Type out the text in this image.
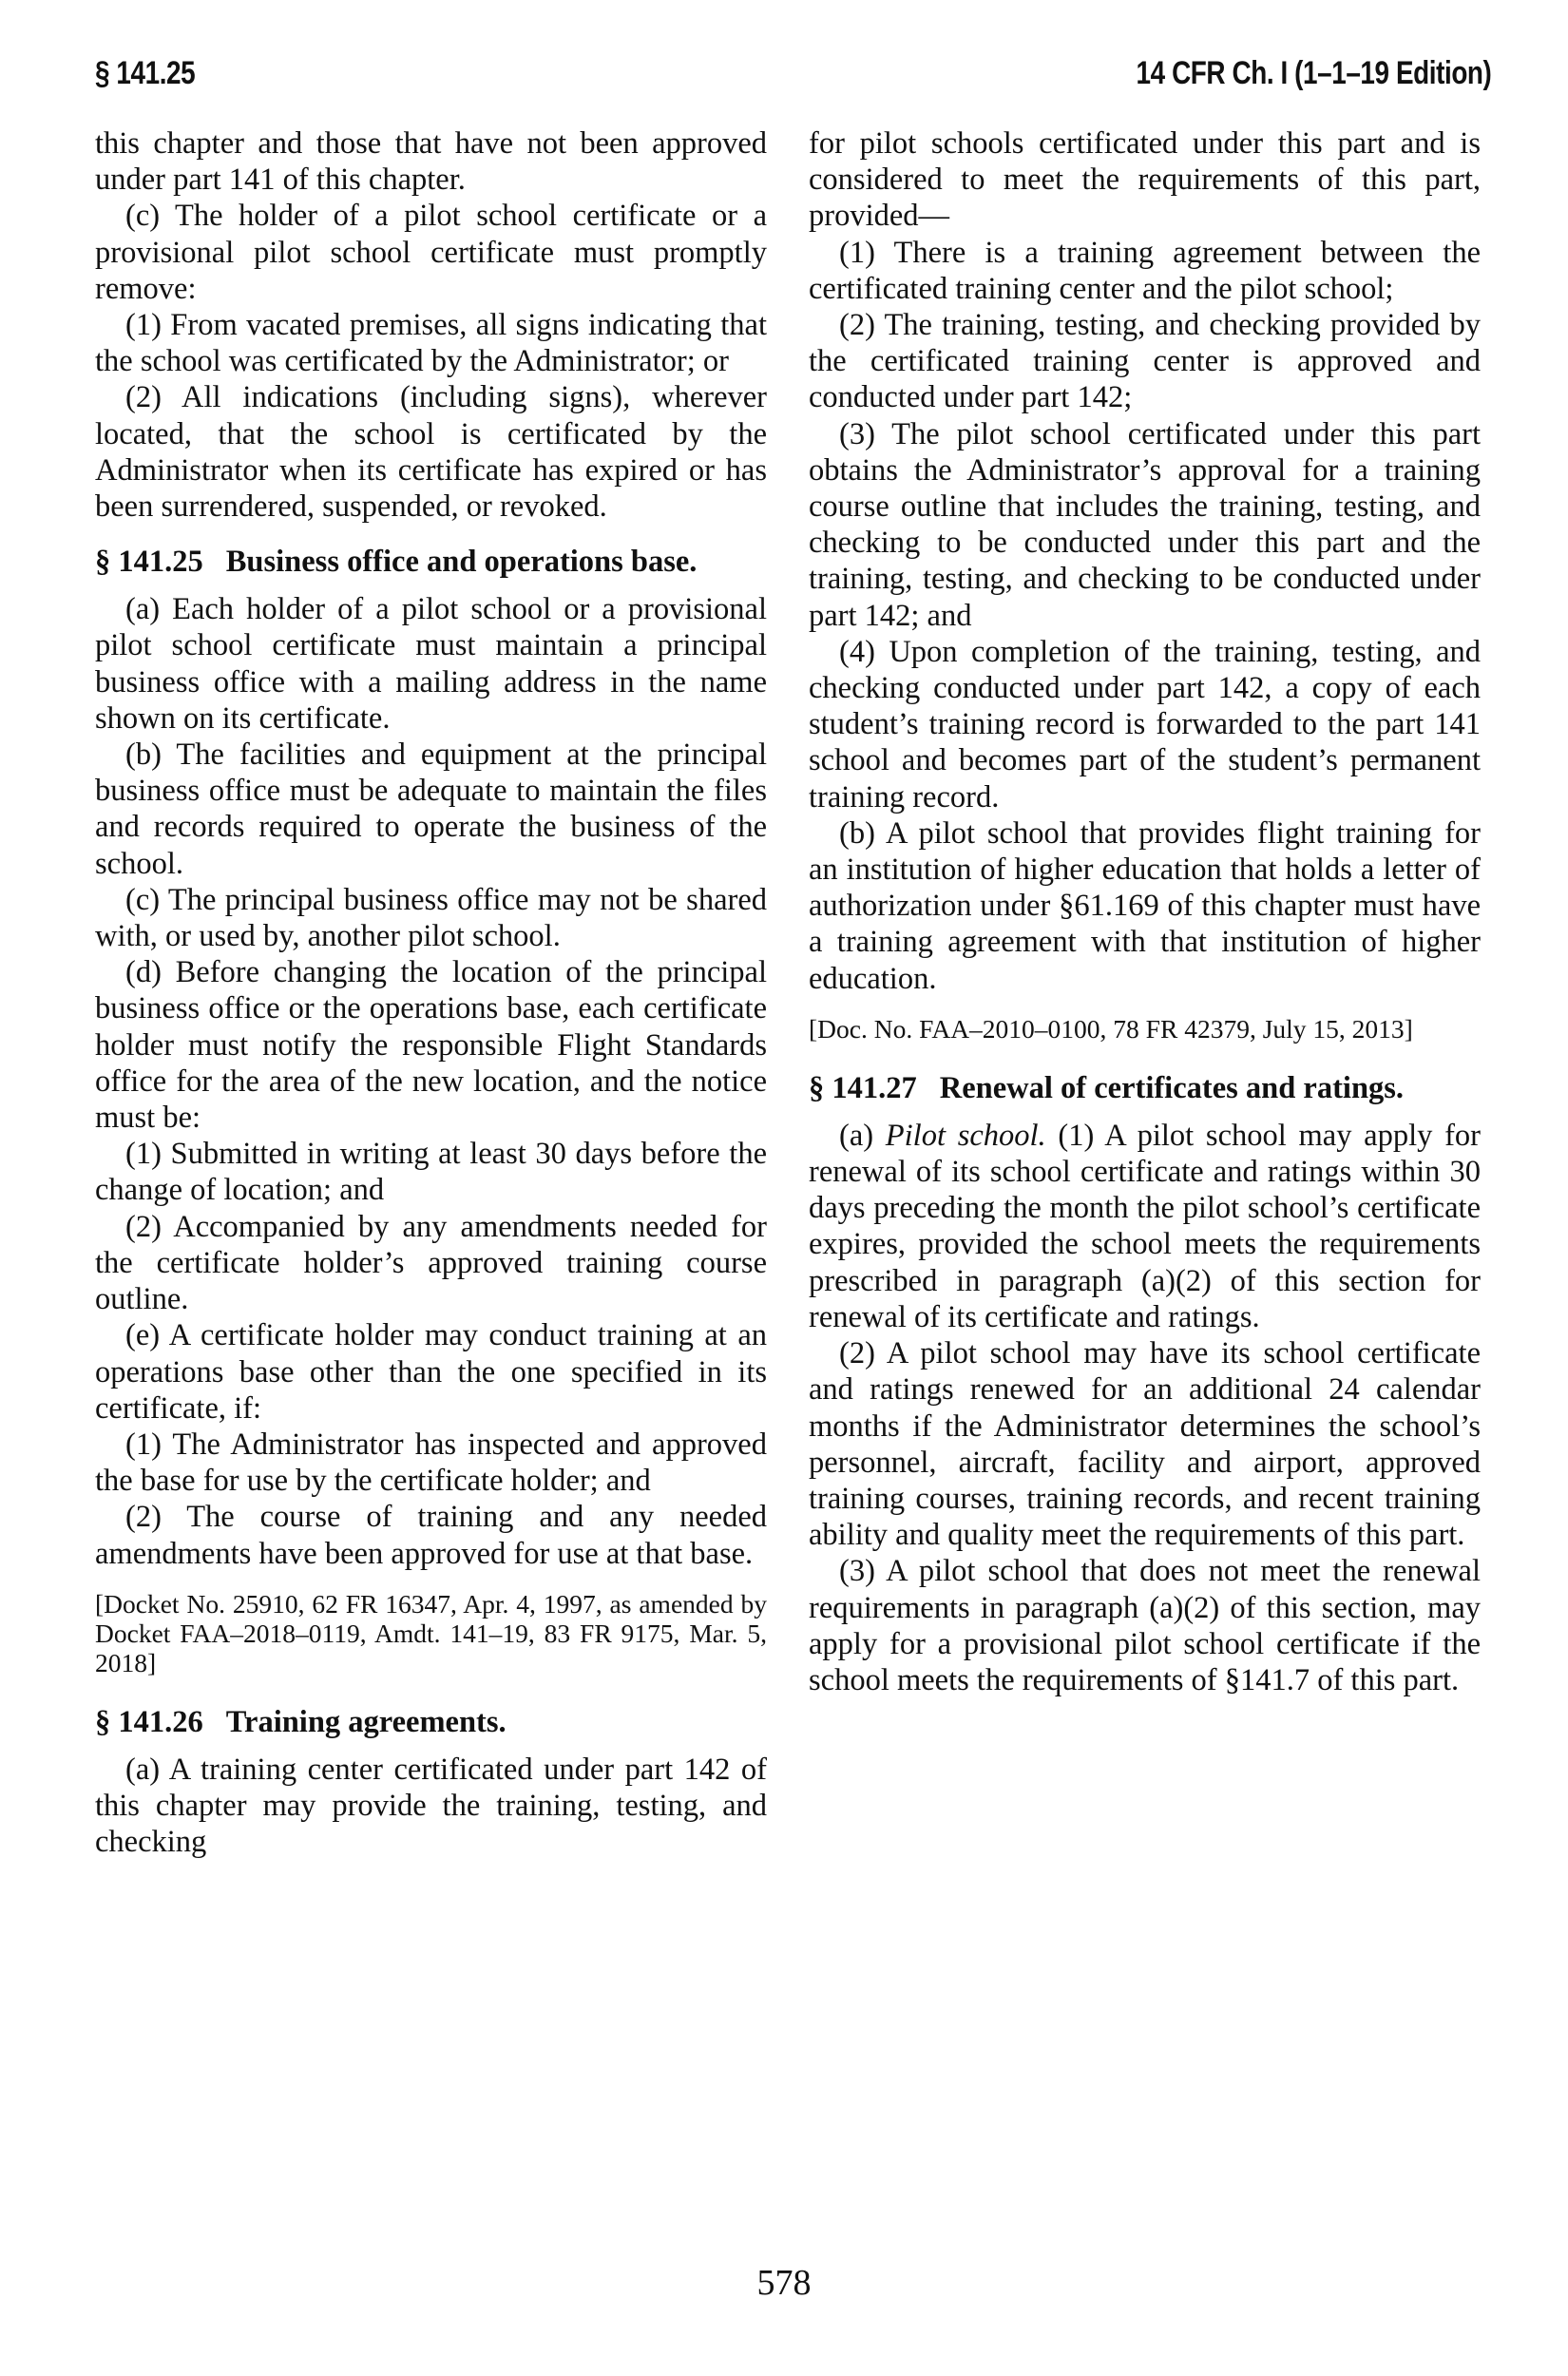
§ 141.25	14 CFR Ch. I (1–1–19 Edition)

this chapter and those that have not been approved under part 141 of this chapter.

(c) The holder of a pilot school certificate or a provisional pilot school certificate must promptly remove:

(1) From vacated premises, all signs indicating that the school was certificated by the Administrator; or

(2) All indications (including signs), wherever located, that the school is certificated by the Administrator when its certificate has expired or has been surrendered, suspended, or revoked.

§ 141.25 Business office and operations base.

(a) Each holder of a pilot school or a provisional pilot school certificate must maintain a principal business office with a mailing address in the name shown on its certificate.

(b) The facilities and equipment at the principal business office must be adequate to maintain the files and records required to operate the business of the school.

(c) The principal business office may not be shared with, or used by, another pilot school.

(d) Before changing the location of the principal business office or the operations base, each certificate holder must notify the responsible Flight Standards office for the area of the new location, and the notice must be:

(1) Submitted in writing at least 30 days before the change of location; and

(2) Accompanied by any amendments needed for the certificate holder’s approved training course outline.

(e) A certificate holder may conduct training at an operations base other than the one specified in its certificate, if:

(1) The Administrator has inspected and approved the base for use by the certificate holder; and

(2) The course of training and any needed amendments have been approved for use at that base.

[Docket No. 25910, 62 FR 16347, Apr. 4, 1997, as amended by Docket FAA–2018–0119, Amdt. 141–19, 83 FR 9175, Mar. 5, 2018]

§ 141.26 Training agreements.

(a) A training center certificated under part 142 of this chapter may provide the training, testing, and checking

for pilot schools certificated under this part and is considered to meet the requirements of this part, provided—

(1) There is a training agreement between the certificated training center and the pilot school;

(2) The training, testing, and checking provided by the certificated training center is approved and conducted under part 142;

(3) The pilot school certificated under this part obtains the Administrator’s approval for a training course outline that includes the training, testing, and checking to be conducted under this part and the training, testing, and checking to be conducted under part 142; and

(4) Upon completion of the training, testing, and checking conducted under part 142, a copy of each student’s training record is forwarded to the part 141 school and becomes part of the student’s permanent training record.

(b) A pilot school that provides flight training for an institution of higher education that holds a letter of authorization under §61.169 of this chapter must have a training agreement with that institution of higher education.

[Doc. No. FAA–2010–0100, 78 FR 42379, July 15, 2013]

§ 141.27 Renewal of certificates and ratings.

(a) Pilot school. (1) A pilot school may apply for renewal of its school certificate and ratings within 30 days preceding the month the pilot school’s certificate expires, provided the school meets the requirements prescribed in paragraph (a)(2) of this section for renewal of its certificate and ratings.

(2) A pilot school may have its school certificate and ratings renewed for an additional 24 calendar months if the Administrator determines the school’s personnel, aircraft, facility and airport, approved training courses, training records, and recent training ability and quality meet the requirements of this part.

(3) A pilot school that does not meet the renewal requirements in paragraph (a)(2) of this section, may apply for a provisional pilot school certificate if the school meets the requirements of §141.7 of this part.

578
